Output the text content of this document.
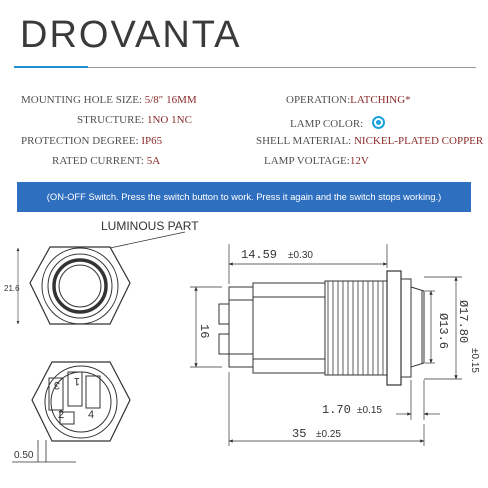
DROVANTA
MOUNTING HOLE SIZE: 5/8″ 16MM
STRUCTURE: 1NO 1NC
PROTECTION DEGREE: IP65
RATED CURRENT: 5A
OPERATION:LATCHING*
LAMP COLOR:
SHELL MATERIAL: NICKEL-PLATED COPPER
LAMP VOLTAGE:12V
(ON-OFF Switch. Press the switch button to work. Press it again and the switch stops working.)
LUMINOUS PART
21.6
0.50
3 1
2 4
14.59 ±0.30
16	Ø17.80
Ø13.6
±0.15
1.70 ±0.15
35 ±0.25
